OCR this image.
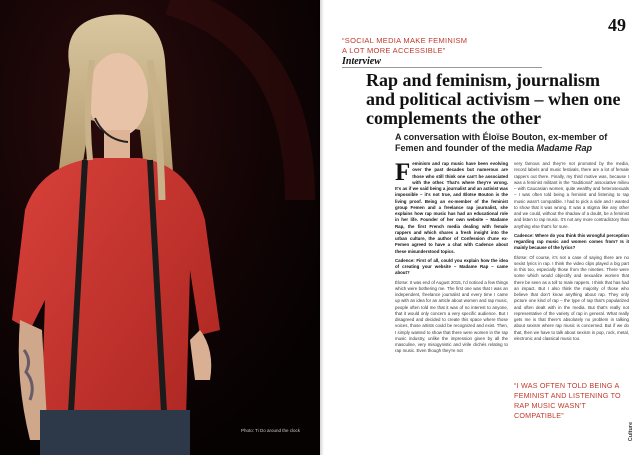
Photo: Ti Do around the clock
49
“SOCIAL MEDIA MAKE FEMINISM A LOT MORE ACCESSIBLE”
Interview
Rap and feminism, journalism and political activism – when one complements the other
A conversation with Éloïse Bouton, ex-member of Femen and founder of the media Madame Rap

Feminism and rap music have been evolving over the past decades but numerous are those who still think one can't be associated with the other. That's where they're wrong. It's as if we said being a journalist and an activist was impossible – it's not true, and Éloïse Bouton is the living proof. Being an ex-member of the feminist group Femen and a freelance rap journalist, she explains how rap music has had an educational role in her life. Founder of her own website – Madame Rap, the first French media dealing with female rappers and which shares a fresh insight into the urban culture, the author of Confession d'une ex-Femen agreed to have a chat with Cadence about these misunderstood topics.

Cadence: First of all, could you explain how the idea of creating your website – Madame Rap – came about?

Éloïse: It was end of August 2015, I'd noticed a few things which were bothering me. The first one was that I was an independent, freelance journalist and every time I came up with an idea for an article about women and rap music, people often told me that it was of no interest to anyone, that it would only concern a very specific audience. But I disagreed and decided to create this space where those voices, those artists could be recognized and exist. Then, I simply wanted to show that there were women in the rap music industry, unlike the impression given by all the masculine, very misogynistic and virile clichés relating to rap music. Even though they're not

very famous and they're not promoted by the media, record labels and music festivals, there are a lot of female rappers out there. Finally, my third motive was, because I was a feminist militant in the "traditional" associative milieu – with Caucasian women, quite wealthy and heterosexuals – I was often told being a feminist and listening to rap music wasn't compatible. I had to pick a side and I wanted to show that it was wrong. It was a stigma like any other and we could, without the shadow of a doubt, be a feminist and listen to rap music. It's not any more contradictory than anything else that's for sure.

Cadence: Where do you think this wrongful perception regarding rap music and women comes from? Is it mainly because of the lyrics?

Éloïse: Of course, it's not a case of saying there are no sexist lyrics in rap. I think the video clips played a big part in this too, especially those from the nineties. There were some which would objectify and sexualize women that there be seen as a toll to male rappers. I think that has had an impact. But I also think the majority of those who believe that don't know anything about rap. They only picture one kind of rap – the type of rap that's popularized and often dealt with in the media. But that's really not representative of the variety of rap in general. What really gets me is that there's absolutely no problem in talking about sexism where rap music is concerned. But if we do that, then we have to talk about sexism in pop, rock, metal, electronic and classical music too.

“I WAS OFTEN TOLD BEING A FEMINIST AND LISTENING TO RAP MUSIC WASN'T COMPATIBLE”
Culture
